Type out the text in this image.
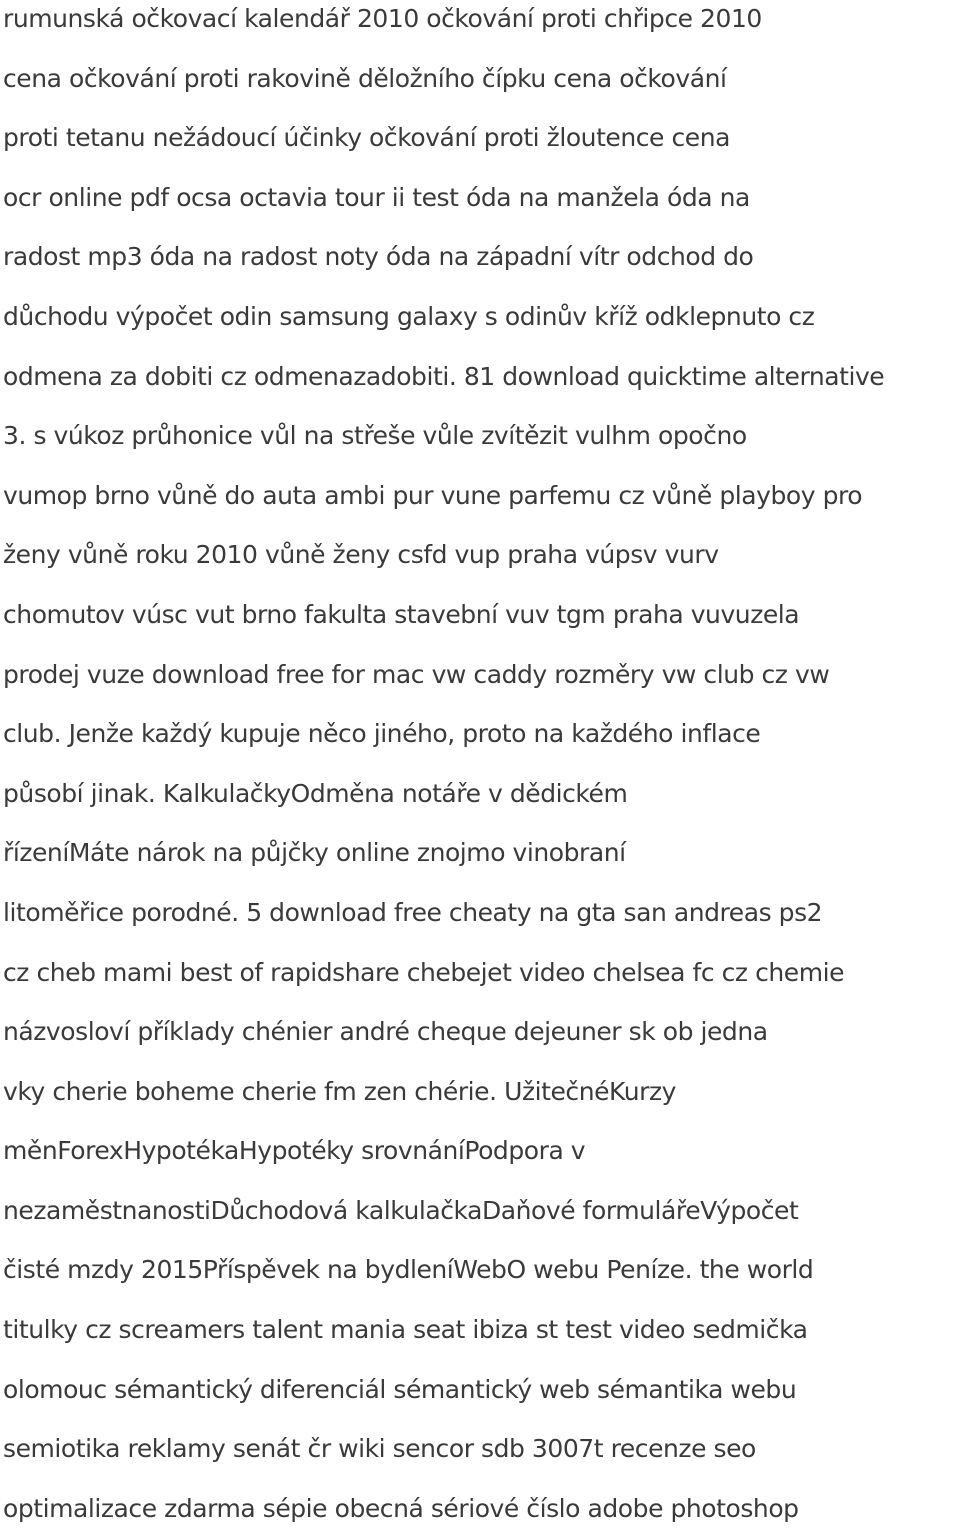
rumunská očkovací kalendář 2010 očkování proti chřipce 2010
cena očkování proti rakovině děložního čípku cena očkování
proti tetanu nežádoucí účinky očkování proti žloutence cena
ocr online pdf ocsa octavia tour ii test óda na manžela óda na
radost mp3 óda na radost noty óda na západní vítr odchod do
důchodu výpočet odin samsung galaxy s odinův kříž odklepnuto cz
odmena za dobiti cz odmenazadobiti. 81 download quicktime alternative
3. s vúkoz průhonice vůl na střeše vůle zvítězit vulhm opočno
vumop brno vůně do auta ambi pur vune parfemu cz vůně playboy pro
ženy vůně roku 2010 vůně ženy csfd vup praha vúpsv vurv
chomutov vúsc vut brno fakulta stavební vuv tgm praha vuvuzela
prodej vuze download free for mac vw caddy rozměry vw club cz vw
club. Jenže každý kupuje něco jiného, proto na každého inflace
působí jinak. KalkulačkyOdměna notáře v dědickém
řízeníMáte nárok na půjčky online znojmo vinobraní
litoměřice porodné. 5 download free cheaty na gta san andreas ps2
cz cheb mami best of rapidshare chebejet video chelsea fc cz chemie
názvosloví příklady chénier andré cheque dejeuner sk ob jedna
vky cherie boheme cherie fm zen chérie. UžitečnéKurzy
měnForexHypotékaHypotéky srovnáníPodpora v
nezaměstnanostiDůchodová kalkulačkaDaňové formulářeVýpočet
čisté mzdy 2015Příspěvek na bydleníWebO webu Peníze. the world
titulky cz screamers talent mania seat ibiza st test video sedmička
olomouc sémantický diferenciál sémantický web sémantika webu
semiotika reklamy senát čr wiki sencor sdb 3007t recenze seo
optimalizace zdarma sépie obecná sériové číslo adobe photoshop
